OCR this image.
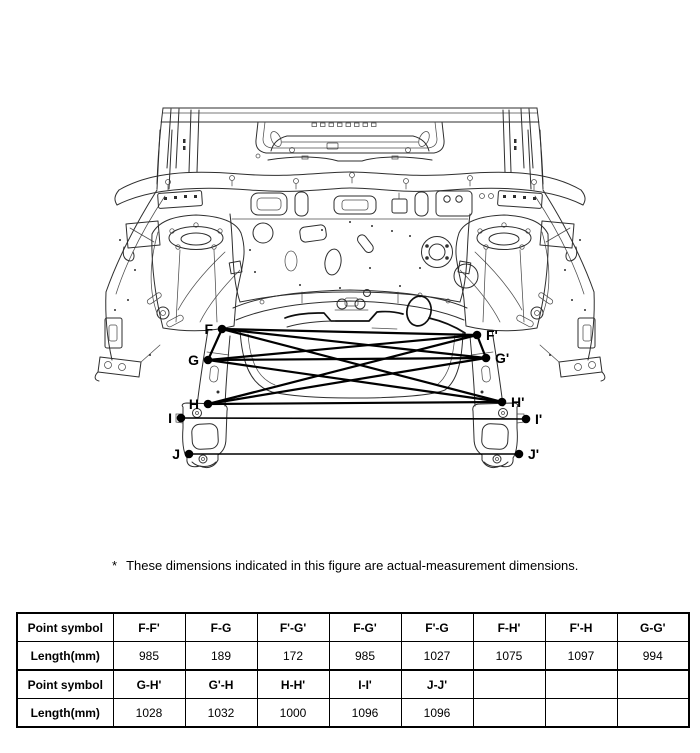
F	F'
G	G'
H	H'
I	I'
J	J'
* These dimensions indicated in this figure are actual-measurement dimensions.
Point symbol	F-F'	F-G	F'-G'	F-G'	F'-G	F-H'	F'-H	G-G'
Length(mm)	985	189	172	985	1027	1075	1097	994
Point symbol	G-H'	G'-H	H-H'	I-I'	J-J'			
Length(mm)	1028	1032	1000	1096	1096			
